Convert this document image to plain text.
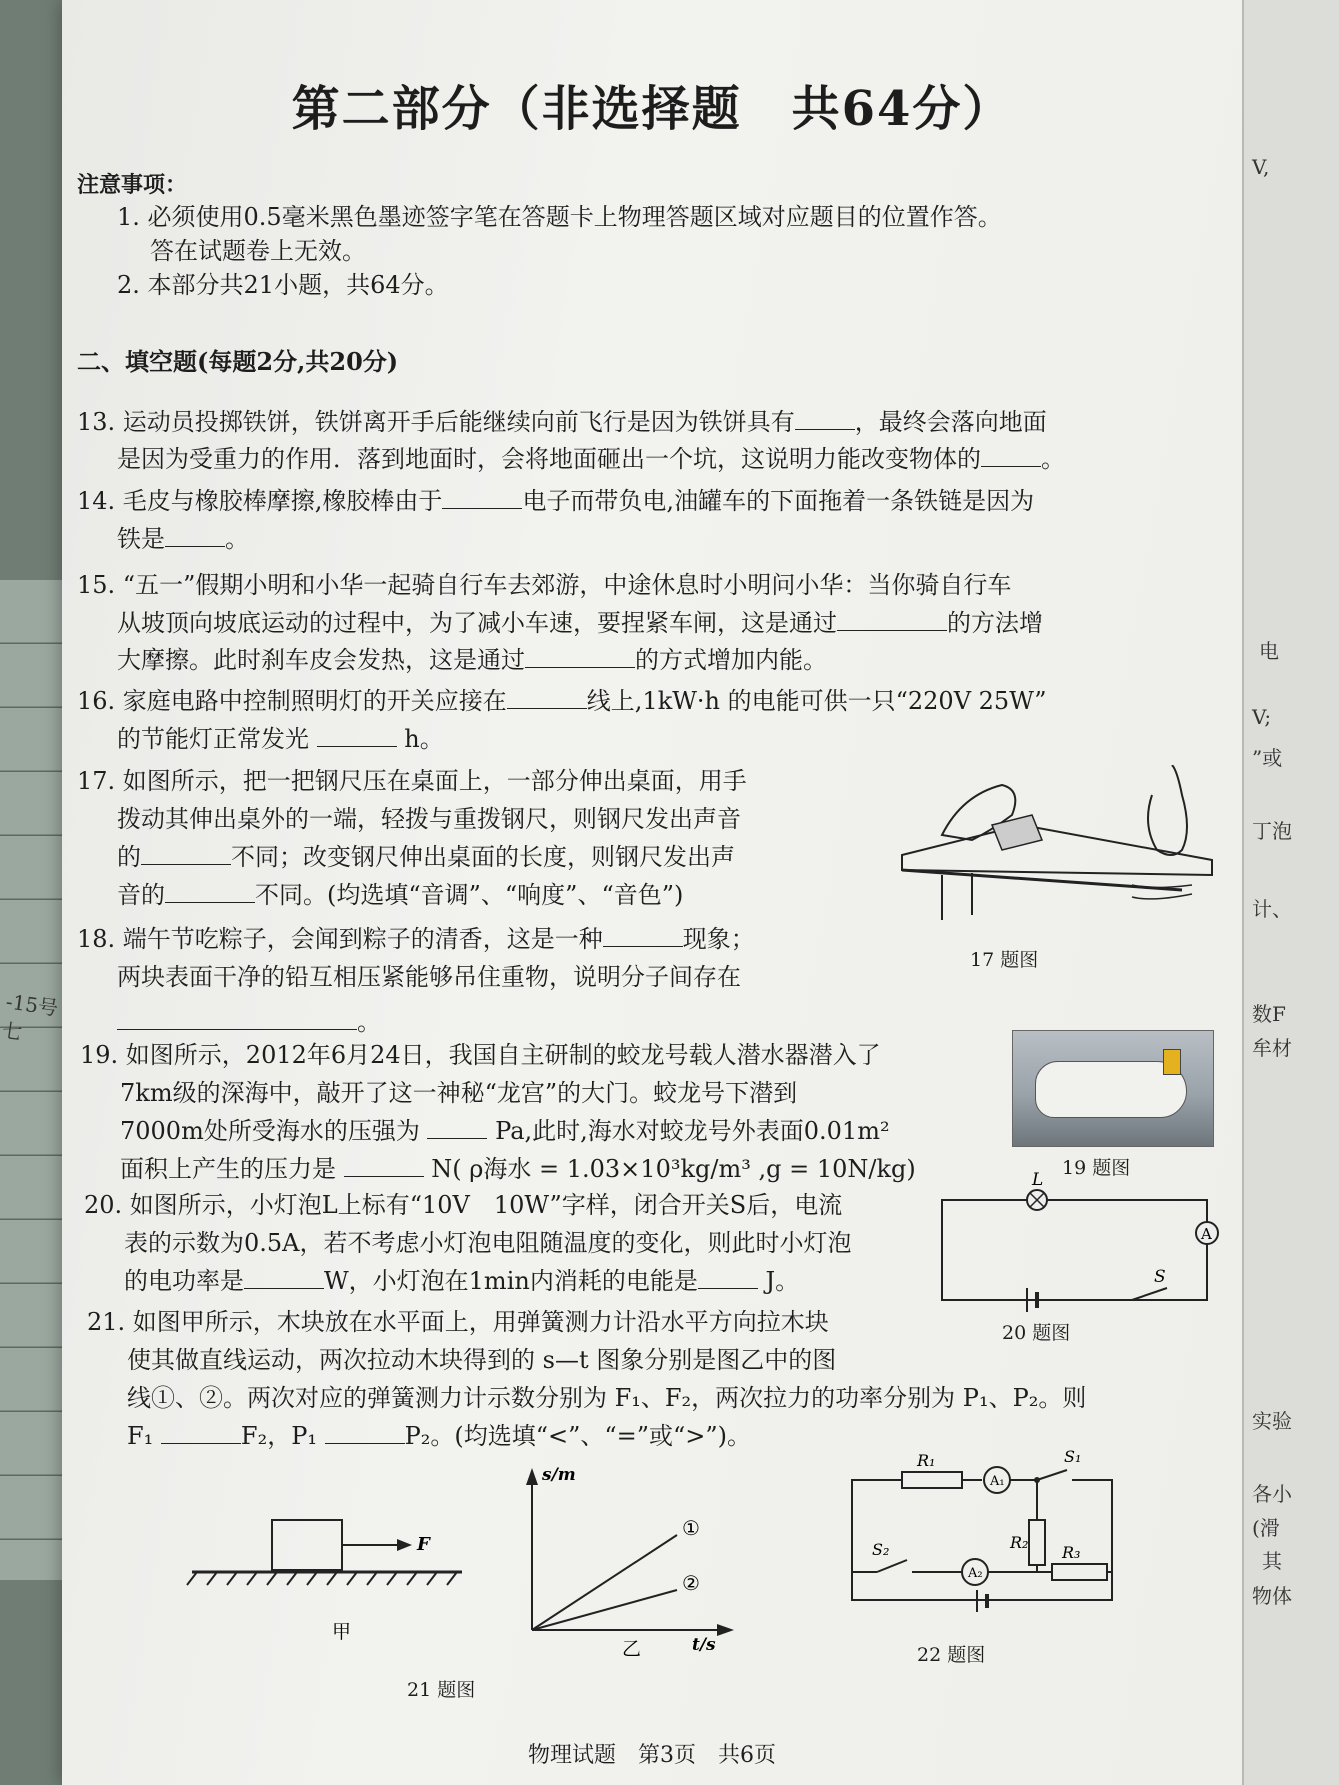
-15号七
第二部分（非选择题　共64分）
注意事项：
1. 必须使用0.5毫米黑色墨迹签字笔在答题卡上物理答题区域对应题目的位置作答。
答在试题卷上无效。
2. 本部分共21小题，共64分。
二、填空题(每题2分,共20分)
13. 运动员投掷铁饼，铁饼离开手后能继续向前飞行是因为铁饼具有	，最终会落向地面
是因为受重力的作用．落到地面时，会将地面砸出一个坑，这说明力能改变物体的	。
14. 毛皮与橡胶棒摩擦,橡胶棒由于	电子而带负电,油罐车的下面拖着一条铁链是因为
铁是	。
15. “五一”假期小明和小华一起骑自行车去郊游，中途休息时小明问小华：当你骑自行车
从坡顶向坡底运动的过程中，为了减小车速，要捏紧车闸，这是通过	的方法增
大摩擦。此时刹车皮会发热，这是通过	的方式增加内能。
16. 家庭电路中控制照明灯的开关应接在	线上,1kW·h 的电能可供一只“220V 25W”
的节能灯正常发光	h。
17. 如图所示，把一把钢尺压在桌面上，一部分伸出桌面，用手
拨动其伸出桌外的一端，轻拨与重拨钢尺，则钢尺发出声音
的	不同；改变钢尺伸出桌面的长度，则钢尺发出声
音的	不同。(均选填“音调”、“响度”、“音色”)
17 题图
18. 端午节吃粽子，会闻到粽子的清香，这是一种	现象；
两块表面干净的铅互相压紧能够吊住重物，说明分子间存在
。
19. 如图所示，2012年6月24日，我国自主研制的蛟龙号载人潜水器潜入了
7km级的深海中，敲开了这一神秘“龙宫”的大门。蛟龙号下潜到
7000m处所受海水的压强为	Pa,此时,海水对蛟龙号外表面0.01m²
面积上产生的压力是	N( ρ海水 = 1.03×10³kg/m³ ,g = 10N/kg)	19 题图
20. 如图所示，小灯泡L上标有“10V　10W”字样，闭合开关S后，电流
表的示数为0.5A，若不考虑小灯泡电阻随温度的变化，则此时小灯泡
的电功率是	W，小灯泡在1min内消耗的电能是	J。
L
A
S
20 题图
21. 如图甲所示，木块放在水平面上，用弹簧测力计沿水平方向拉木块
使其做直线运动，两次拉动木块得到的 s—t 图象分别是图乙中的图
线①、②。两次对应的弹簧测力计示数分别为 F₁、F₂，两次拉力的功率分别为 P₁、P₂。则
F₁	F₂，P₁	P₂。(均选填“<”、“=”或“>”)。
F
甲
s/m
t/s
①
②
乙
21 题图
R₁	S₁
A₁
R₂
R₃
S₂
A₂
22 题图
物理试题　第3页　共6页
V,
电
V;
”或
丁泡
计、
数F
牟材
实验
各小
(滑
其
物体
